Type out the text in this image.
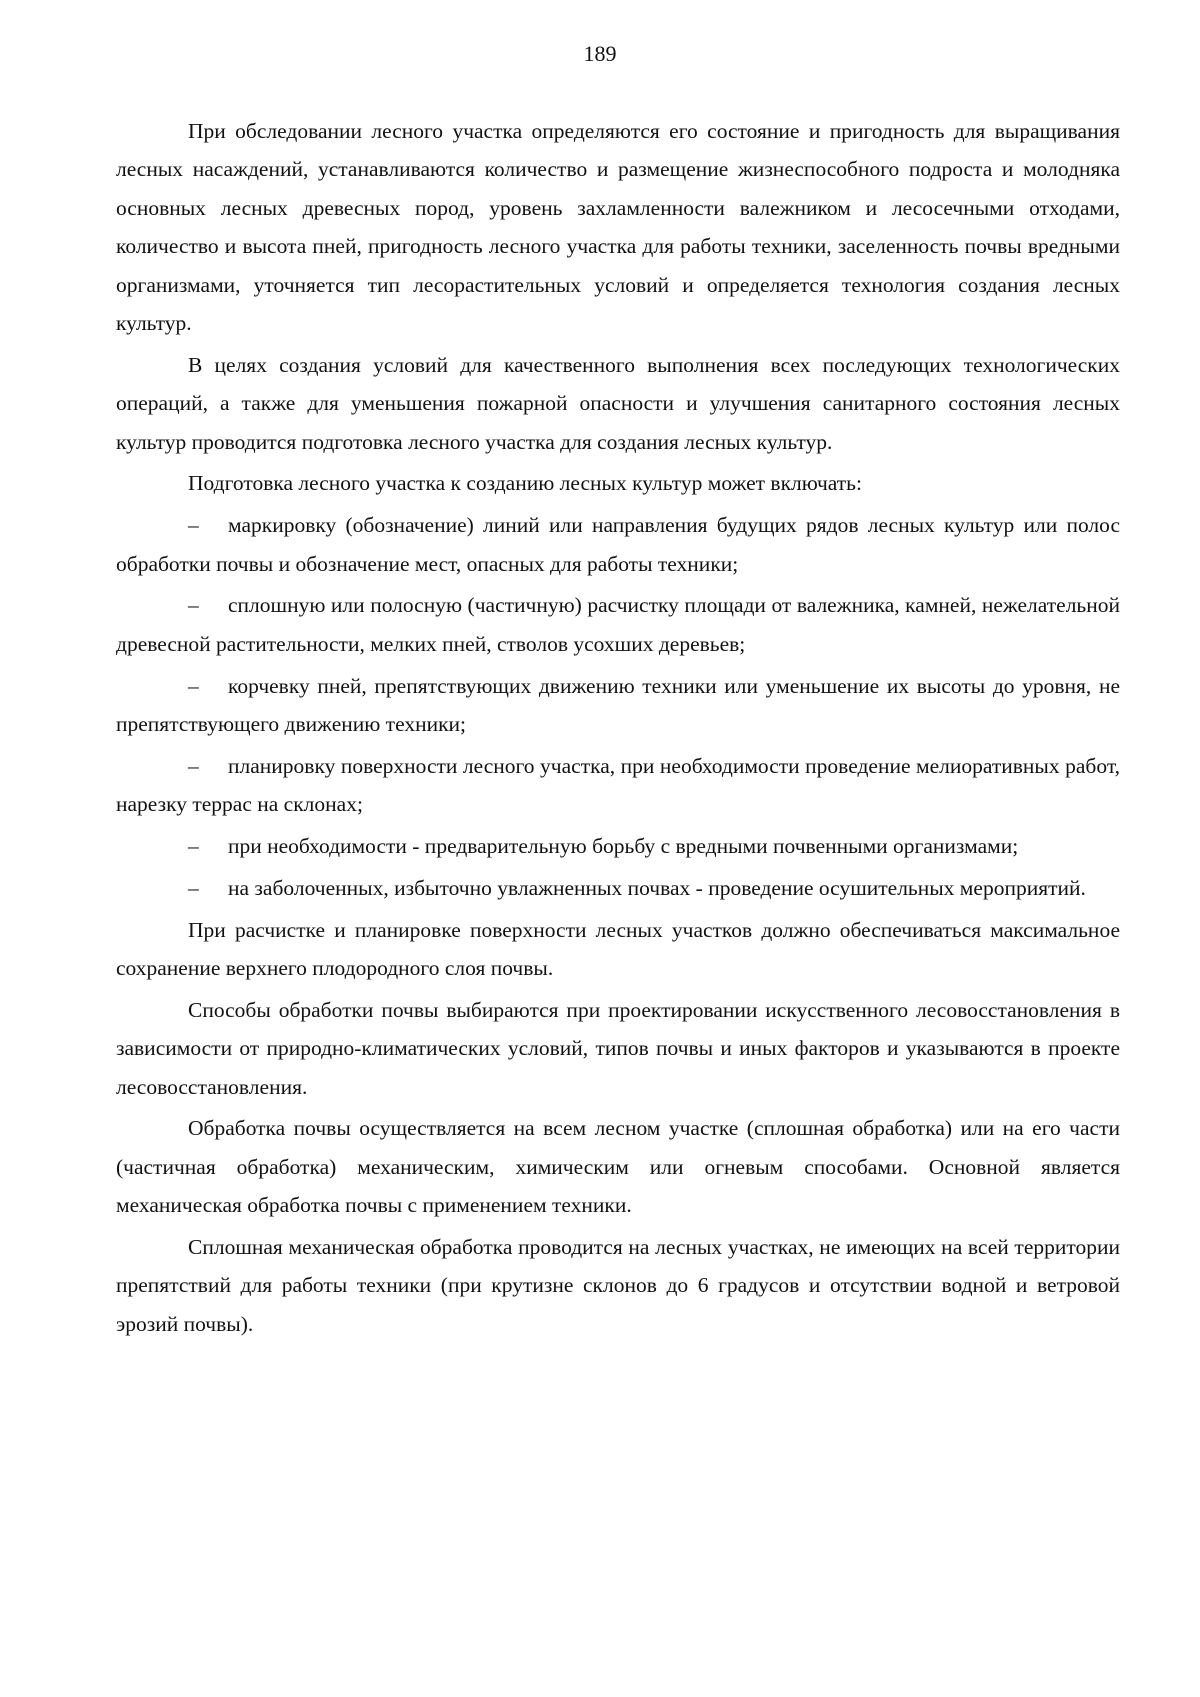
189

При обследовании лесного участка определяются его состояние и пригодность для выращивания лесных насаждений, устанавливаются количество и размещение жизнеспособного подроста и молодняка основных лесных древесных пород, уровень захламленности валежником и лесосечными отходами, количество и высота пней, пригодность лесного участка для работы техники, заселенность почвы вредными организмами, уточняется тип лесорастительных условий и определяется технология создания лесных культур.

В целях создания условий для качественного выполнения всех последующих технологических операций, а также для уменьшения пожарной опасности и улучшения санитарного состояния лесных культур проводится подготовка лесного участка для создания лесных культур.

Подготовка лесного участка к созданию лесных культур может включать:

– маркировку (обозначение) линий или направления будущих рядов лесных культур или полос обработки почвы и обозначение мест, опасных для работы техники;

– сплошную или полосную (частичную) расчистку площади от валежника, камней, нежелательной древесной растительности, мелких пней, стволов усохших деревьев;

– корчевку пней, препятствующих движению техники или уменьшение их высоты до уровня, не препятствующего движению техники;

– планировку поверхности лесного участка, при необходимости проведение мелиоративных работ, нарезку террас на склонах;

– при необходимости - предварительную борьбу с вредными почвенными организмами;

– на заболоченных, избыточно увлажненных почвах - проведение осушительных мероприятий.

При расчистке и планировке поверхности лесных участков должно обеспечиваться максимальное сохранение верхнего плодородного слоя почвы.

Способы обработки почвы выбираются при проектировании искусственного лесовосстановления в зависимости от природно-климатических условий, типов почвы и иных факторов и указываются в проекте лесовосстановления.

Обработка почвы осуществляется на всем лесном участке (сплошная обработка) или на его части (частичная обработка) механическим, химическим или огневым способами. Основной является механическая обработка почвы с применением техники.

Сплошная механическая обработка проводится на лесных участках, не имеющих на всей территории препятствий для работы техники (при крутизне склонов до 6 градусов и отсутствии водной и ветровой эрозий почвы).
